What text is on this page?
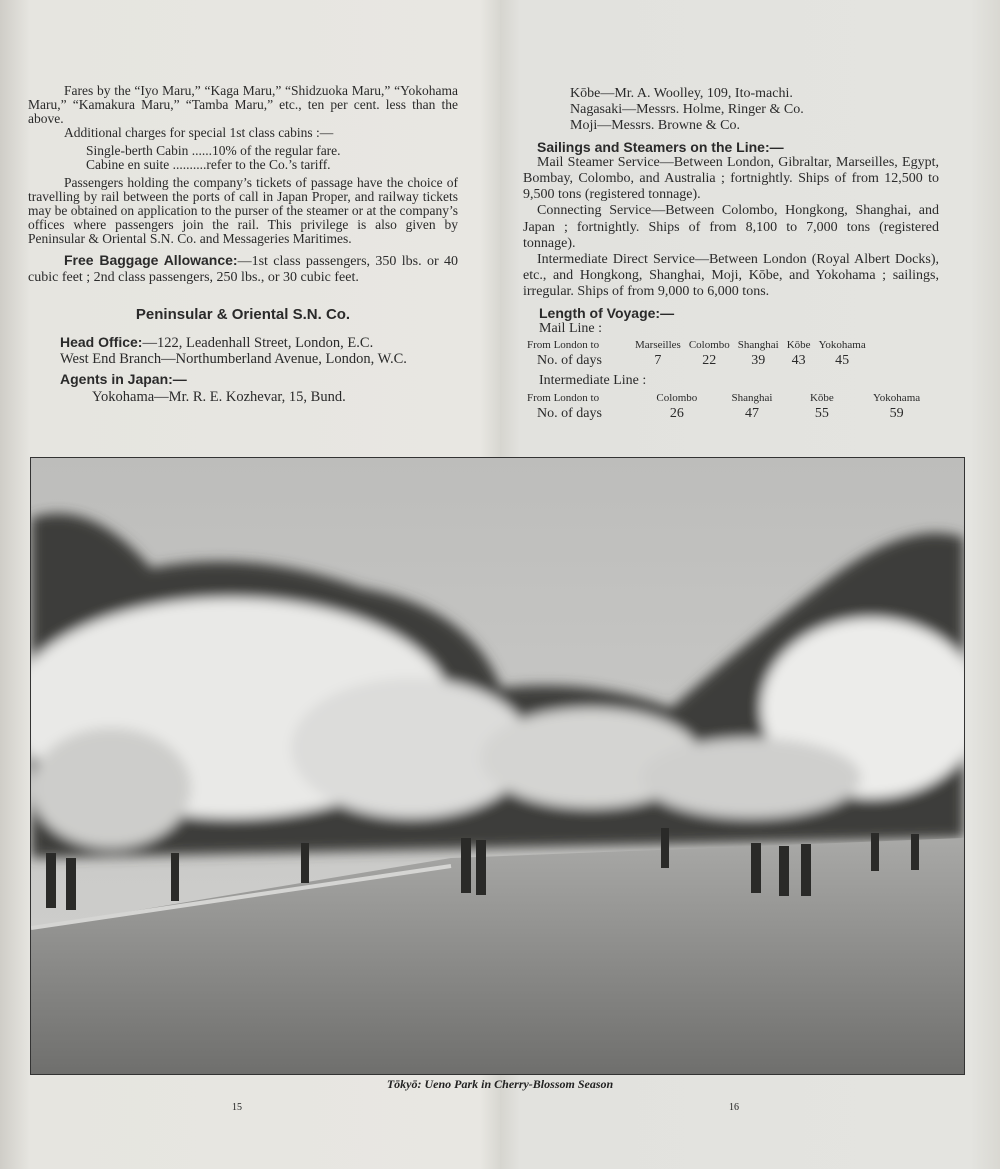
Fares by the “Iyo Maru,” “Kaga Maru,” “Shidzuoka Maru,” “Yokohama Maru,” “Kamakura Maru,” “Tamba Maru,” etc., ten per cent. less than the above.

Additional charges for special 1st class cabins :—

Single-berth Cabin ......10% of the regular fare.

Cabine en suite ..........refer to the Co.’s tariff.

Passengers holding the company’s tickets of passage have the choice of travelling by rail between the ports of call in Japan Proper, and railway tickets may be obtained on application to the purser of the steamer or at the company’s offices where passengers join the rail. This privilege is also given by Peninsular & Oriental S.N. Co. and Messageries Maritimes.

Free Baggage Allowance:—1st class passengers, 350 lbs. or 40 cubic feet ; 2nd class passengers, 250 lbs., or 30 cubic feet.

Peninsular & Oriental S.N. Co.

Head Office:—122, Leadenhall Street, London, E.C.

West End Branch—Northumberland Avenue, London, W.C.

Agents in Japan:—

Yokohama—Mr. R. E. Kozhevar, 15, Bund.

Kōbe—Mr. A. Woolley, 109, Ito-machi.

Nagasaki—Messrs. Holme, Ringer & Co.

Moji—Messrs. Browne & Co.

Sailings and Steamers on the Line:—

Mail Steamer Service—Between London, Gibraltar, Marseilles, Egypt, Bombay, Colombo, and Australia ; fortnightly. Ships of from 12,500 to 9,500 tons (registered tonnage).

Connecting Service—Between Colombo, Hongkong, Shanghai, and Japan ; fortnightly. Ships of from 8,100 to 7,000 tons (registered tonnage).

Intermediate Direct Service—Between London (Royal Albert Docks), etc., and Hongkong, Shanghai, Moji, Kōbe, and Yokohama ; sailings, irregular. Ships of from 9,000 to 6,000 tons.

Length of Voyage:—

Mail Line :
From London to	Marseilles	Colombo	Shanghai	Kōbe	Yokohama
No. of days	7	22	39	43	45
Intermediate Line :
From London to	Colombo	Shanghai	Kōbe	Yokohama
No. of days	26	47	55	59
Tōkyō: Ueno Park in Cherry-Blossom Season
15	16
